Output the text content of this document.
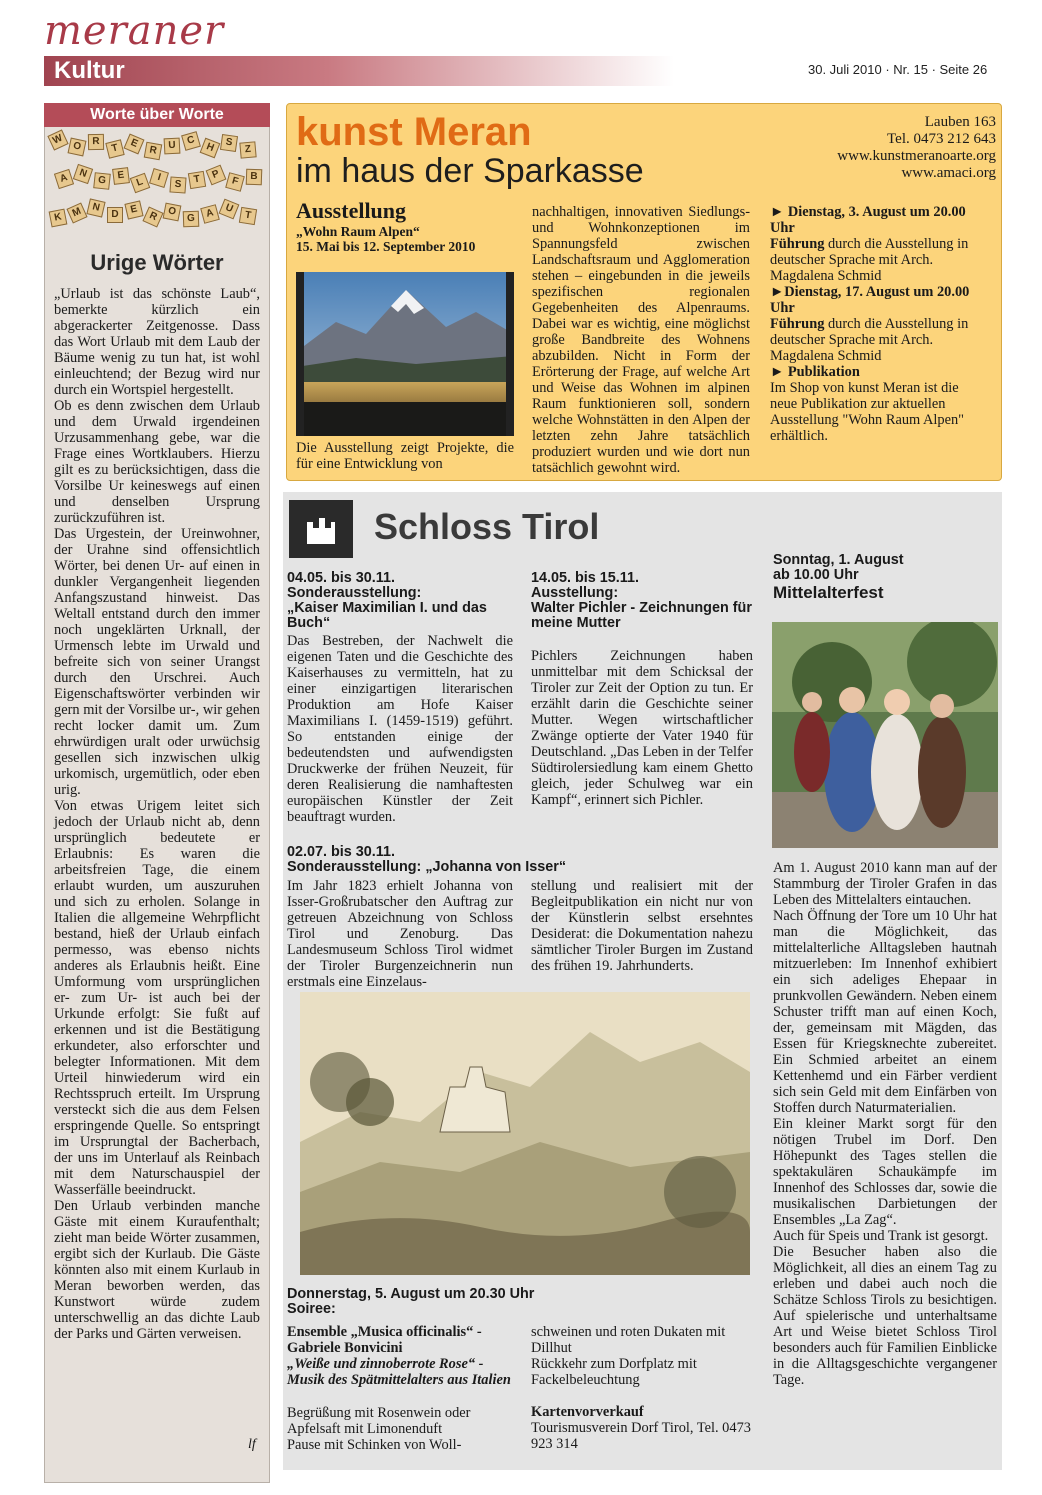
meraner
Kultur	30. Juli 2010 · Nr. 15 · Seite 26
Worte über Worte
W O	R
T E
R	U C
H S
Z
A N
G	E
L	I
S	T P
F	B
K M N
D	E
R O
G A U
T
Urige Wörter

„Urlaub ist das schönste Laub“, bemerkte kürzlich ein abgerackerter Zeitgenosse. Dass das Wort Urlaub mit dem Laub der Bäume wenig zu tun hat, ist wohl einleuchtend; der Bezug wird nur durch ein Wortspiel hergestellt.

Ob es denn zwischen dem Urlaub und dem Urwald irgendeinen Urzusammenhang gebe, war die Frage eines Wortklaubers. Hierzu gilt es zu berücksichtigen, dass die Vorsilbe Ur keineswegs auf einen und denselben Ursprung zurückzuführen ist.

Das Urgestein, der Ureinwohner, der Urahne sind offensichtlich Wörter, bei denen Ur- auf einen in dunkler Vergangenheit liegenden Anfangszustand hinweist. Das Weltall entstand durch den immer noch ungeklärten Urknall, der Urmensch lebte im Urwald und befreite sich von seiner Urangst durch den Urschrei. Auch Eigenschaftswörter verbinden wir gern mit der Vorsilbe ur-, wir gehen recht locker damit um. Zum ehrwürdigen uralt oder urwüchsig gesellen sich inzwischen ulkig urkomisch, urgemütlich, oder eben urig.

Von etwas Urigem leitet sich jedoch der Urlaub nicht ab, denn ursprünglich bedeutete er Erlaubnis: Es waren die arbeitsfreien Tage, die einem erlaubt wurden, um auszuruhen und sich zu erholen. Solange in Italien die allgemeine Wehrpflicht bestand, hieß der Urlaub einfach permesso, was ebenso nichts anderes als Erlaubnis heißt. Eine Umformung vom ursprünglichen er- zum Ur- ist auch bei der Urkunde erfolgt: Sie fußt auf erkennen und ist die Bestätigung erkundeter, also erforschter und belegter Informationen. Mit dem Urteil hinwiederum wird ein Rechtsspruch erteilt. Im Ursprung versteckt sich die aus dem Felsen erspringende Quelle. So entspringt im Ursprungtal der Bacherbach, der uns im Unterlauf als Reinbach mit dem Naturschauspiel der Wasserfälle beeindruckt.

Den Urlaub verbinden manche Gäste mit einem Kuraufenthalt; zieht man beide Wörter zusammen, ergibt sich der Kurlaub. Die Gäste könnten also mit einem Kurlaub in Meran beworben werden, das Kunstwort würde zudem unterschwellig an das dichte Laub der Parks und Gärten verweisen.

lf
kunst Meran
im haus der Sparkasse
Lauben 163
Tel. 0473 212 643
www.kunstmeranoarte.org
www.amaci.org
Ausstellung
„Wohn Raum Alpen“
15. Mai bis 12. September 2010
Die Ausstellung zeigt Projekte, die für eine Entwicklung von
nachhaltigen, innovativen Siedlungs- und Wohnkonzeptionen im Spannungsfeld zwischen Landschaftsraum und Agglomeration stehen – eingebunden in die jeweils spezifischen regionalen Gegebenheiten des Alpenraums. Dabei war es wichtig, eine möglichst große Bandbreite des Wohnens abzubilden. Nicht in Form der Erörterung der Frage, auf welche Art und Weise das Wohnen im alpinen Raum funktionieren soll, sondern welche Wohnstätten in den Alpen der letzten zehn Jahre tatsächlich produziert wurden und wie dort nun tatsächlich gewohnt wird.
► Dienstag, 3. August um 20.00 Uhr
Führung durch die Ausstellung in deutscher Sprache mit Arch. Magdalena Schmid
►Dienstag, 17. August um 20.00 Uhr
Führung durch die Ausstellung in deutscher Sprache mit Arch. Magdalena Schmid
► Publikation
Im Shop von kunst Meran ist die neue Publikation zur aktuellen Ausstellung "Wohn Raum Alpen" erhältlich.
Schloss Tirol
04.05. bis 30.11.
Sonderausstellung:
„Kaiser Maximilian I. und das Buch“
Das Bestreben, der Nachwelt die eigenen Taten und die Geschichte des Kaiserhauses zu vermitteln, hat zu einer einzigartigen literarischen Produktion am Hofe Kaiser Maximilians I. (1459-1519) geführt. So entstanden einige der bedeutendsten und aufwendigsten Druckwerke der frühen Neuzeit, für deren Realisierung die namhaftesten europäischen Künstler der Zeit beauftragt wurden.
14.05. bis 15.11.
Ausstellung:
Walter Pichler - Zeichnungen für meine Mutter
Pichlers Zeichnungen haben unmittelbar mit dem Schicksal der Tiroler zur Zeit der Option zu tun. Er erzählt darin die Geschichte seiner Mutter. Wegen wirtschaftlicher Zwänge optierte der Vater 1940 für Deutschland. „Das Leben in der Telfer Südtirolersiedlung kam einem Ghetto gleich, jeder Schulweg war ein Kampf“, erinnert sich Pichler.
02.07. bis 30.11.
Sonderausstellung: „Johanna von Isser“
Im Jahr 1823 erhielt Johanna von Isser-Großrubatscher den Auftrag zur getreuen Abzeichnung von Schloss Tirol und Zenoburg. Das Landesmuseum Schloss Tirol widmet der Tiroler Burgenzeichnerin nun erstmals eine Einzelaus-
stellung und realisiert mit der Begleitpublikation ein nicht nur von der Künstlerin selbst ersehntes Desiderat: die Dokumentation nahezu sämtlicher Tiroler Burgen im Zustand des frühen 19. Jahrhunderts.
Donnerstag, 5. August um 20.30 Uhr
Soiree:
Ensemble „Musica officinalis“ - Gabriele Bonvicini
„Weiße und zinnoberrote Rose“ - Musik des Spätmittelalters aus Italien
Begrüßung mit Rosenwein oder Apfelsaft mit Limonenduft
Pause mit Schinken von Woll-
schweinen und roten Dukaten mit Dillhut
Rückkehr zum Dorfplatz mit Fackelbeleuchtung
Kartenvorverkauf
Tourismusverein Dorf Tirol, Tel. 0473 923 314
Sonntag, 1. August
ab 10.00 Uhr
Mittelalterfest
Am 1. August 2010 kann man auf der Stammburg der Tiroler Grafen in das Leben des Mittelalters eintauchen.
Nach Öffnung der Tore um 10 Uhr hat man die Möglichkeit, das mittelalterliche Alltagsleben hautnah mitzuerleben: Im Innenhof exhibiert ein sich adeliges Ehepaar in prunkvollen Gewändern. Neben einem Schuster trifft man auf einen Koch, der, gemeinsam mit Mägden, das Essen für Kriegsknechte zubereitet. Ein Schmied arbeitet an einem Kettenhemd und ein Färber verdient sich sein Geld mit dem Einfärben von Stoffen durch Naturmaterialien.
Ein kleiner Markt sorgt für den nötigen Trubel im Dorf. Den Höhepunkt des Tages stellen die spektakulären Schaukämpfe im Innenhof des Schlosses dar, sowie die musikalischen Darbietungen der Ensembles „La Zag“.
Auch für Speis und Trank ist gesorgt.
Die Besucher haben also die Möglichkeit, all dies an einem Tag zu erleben und dabei auch noch die Schätze Schloss Tirols zu besichtigen. Auf spielerische und unterhaltsame Art und Weise bietet Schloss Tirol besonders auch für Familien Einblicke in die Alltagsgeschichte vergangener Tage.
